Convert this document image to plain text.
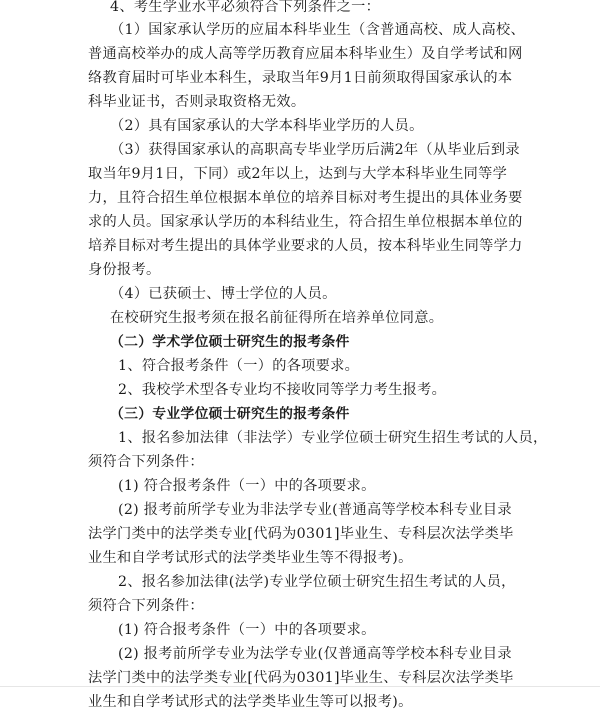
4、考生学业水平必须符合下列条件之一：
（1）国家承认学历的应届本科毕业生（含普通高校、成人高校、
普通高校举办的成人高等学历教育应届本科毕业生）及自学考试和网
络教育届时可毕业本科生，录取当年9月1日前须取得国家承认的本
科毕业证书，否则录取资格无效。
（2）具有国家承认的大学本科毕业学历的人员。
（3）获得国家承认的高职高专毕业学历后满2年（从毕业后到录
取当年9月1日，下同）或2年以上，达到与大学本科毕业生同等学
力，且符合招生单位根据本单位的培养目标对考生提出的具体业务要
求的人员。国家承认学历的本科结业生，符合招生单位根据本单位的
培养目标对考生提出的具体学业要求的人员，按本科毕业生同等学力
身份报考。
（4）已获硕士、博士学位的人员。
在校研究生报考须在报名前征得所在培养单位同意。
（二）学术学位硕士研究生的报考条件
1、符合报考条件（一）的各项要求。
2、我校学术型各专业均不接收同等学力考生报考。
（三）专业学位硕士研究生的报考条件
1、报名参加法律（非法学）专业学位硕士研究生招生考试的人员，
须符合下列条件：
(1) 符合报考条件（一）中的各项要求。
(2) 报考前所学专业为非法学专业(普通高等学校本科专业目录
法学门类中的法学类专业[代码为0301]毕业生、专科层次法学类毕
业生和自学考试形式的法学类毕业生等不得报考)。
2、报名参加法律(法学)专业学位硕士研究生招生考试的人员，
须符合下列条件：
(1) 符合报考条件（一）中的各项要求。
(2) 报考前所学专业为法学专业(仅普通高等学校本科专业目录
法学门类中的法学类专业[代码为0301]毕业生、专科层次法学类毕
业生和自学考试形式的法学类毕业生等可以报考)。
